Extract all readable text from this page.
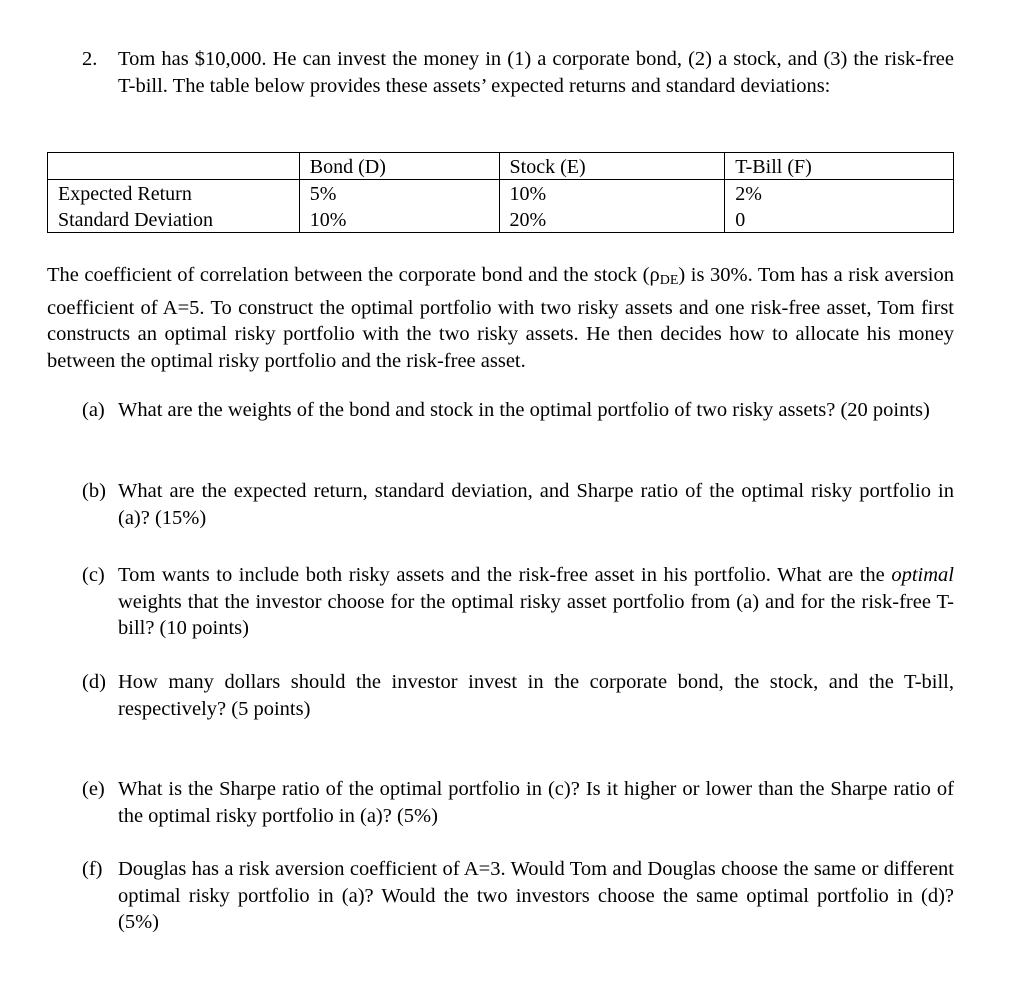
2.	Tom has $10,000. He can invest the money in (1) a corporate bond, (2) a stock, and (3) the risk-free T-bill. The table below provides these assets’ expected returns and standard deviations:
	Bond (D)	Stock (E)	T-Bill (F)
Expected Return	5%	10%	2%
Standard Deviation	10%	20%	0
The coefficient of correlation between the corporate bond and the stock (ρDE) is 30%. Tom has a risk aversion coefficient of A=5. To construct the optimal portfolio with two risky assets and one risk-free asset, Tom first constructs an optimal risky portfolio with the two risky assets. He then decides how to allocate his money between the optimal risky portfolio and the risk-free asset.
(a) What are the weights of the bond and stock in the optimal portfolio of two risky assets? (20 points)
(b) What are the expected return, standard deviation, and Sharpe ratio of the optimal risky portfolio in (a)? (15%)
(c) Tom wants to include both risky assets and the risk-free asset in his portfolio. What are the optimal weights that the investor choose for the optimal risky asset portfolio from (a) and for the risk-free T-bill? (10 points)
(d) How many dollars should the investor invest in the corporate bond, the stock, and the T-bill, respectively? (5 points)
(e) What is the Sharpe ratio of the optimal portfolio in (c)? Is it higher or lower than the Sharpe ratio of the optimal risky portfolio in (a)? (5%)
(f) Douglas has a risk aversion coefficient of A=3. Would Tom and Douglas choose the same or different optimal risky portfolio in (a)? Would the two investors choose the same optimal portfolio in (d)? (5%)
